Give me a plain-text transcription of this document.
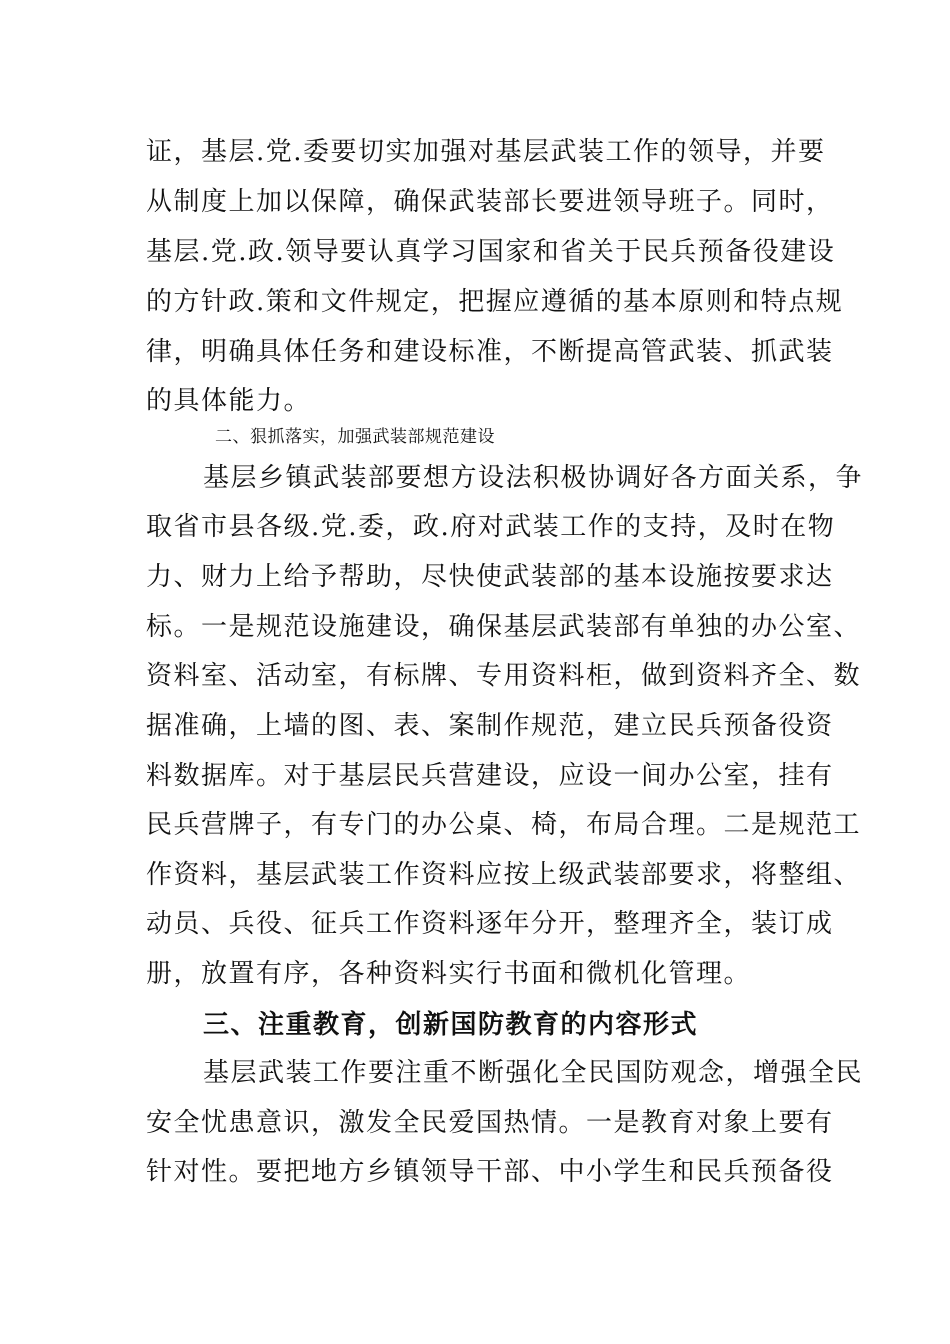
证，基层.党.委要切实加强对基层武装工作的领导，并要
从制度上加以保障，确保武装部长要进领导班子。同时，
基层.党.政.领导要认真学习国家和省关于民兵预备役建设
的方针政.策和文件规定，把握应遵循的基本原则和特点规
律，明确具体任务和建设标准，不断提高管武装、抓武装
的具体能力。
二、狠抓落实，加强武装部规范建设
基层乡镇武装部要想方设法积极协调好各方面关系，争
取省市县各级.党.委，政.府对武装工作的支持，及时在物
力、财力上给予帮助，尽快使武装部的基本设施按要求达
标。一是规范设施建设，确保基层武装部有单独的办公室、
资料室、活动室，有标牌、专用资料柜，做到资料齐全、数
据准确，上墙的图、表、案制作规范，建立民兵预备役资
料数据库。对于基层民兵营建设，应设一间办公室，挂有
民兵营牌子，有专门的办公桌、椅，布局合理。二是规范工
作资料，基层武装工作资料应按上级武装部要求，将整组、
动员、兵役、征兵工作资料逐年分开，整理齐全，装订成
册，放置有序，各种资料实行书面和微机化管理。
三、注重教育，创新国防教育的内容形式
基层武装工作要注重不断强化全民国防观念，增强全民
安全忧患意识，激发全民爱国热情。一是教育对象上要有
针对性。要把地方乡镇领导干部、中小学生和民兵预备役
